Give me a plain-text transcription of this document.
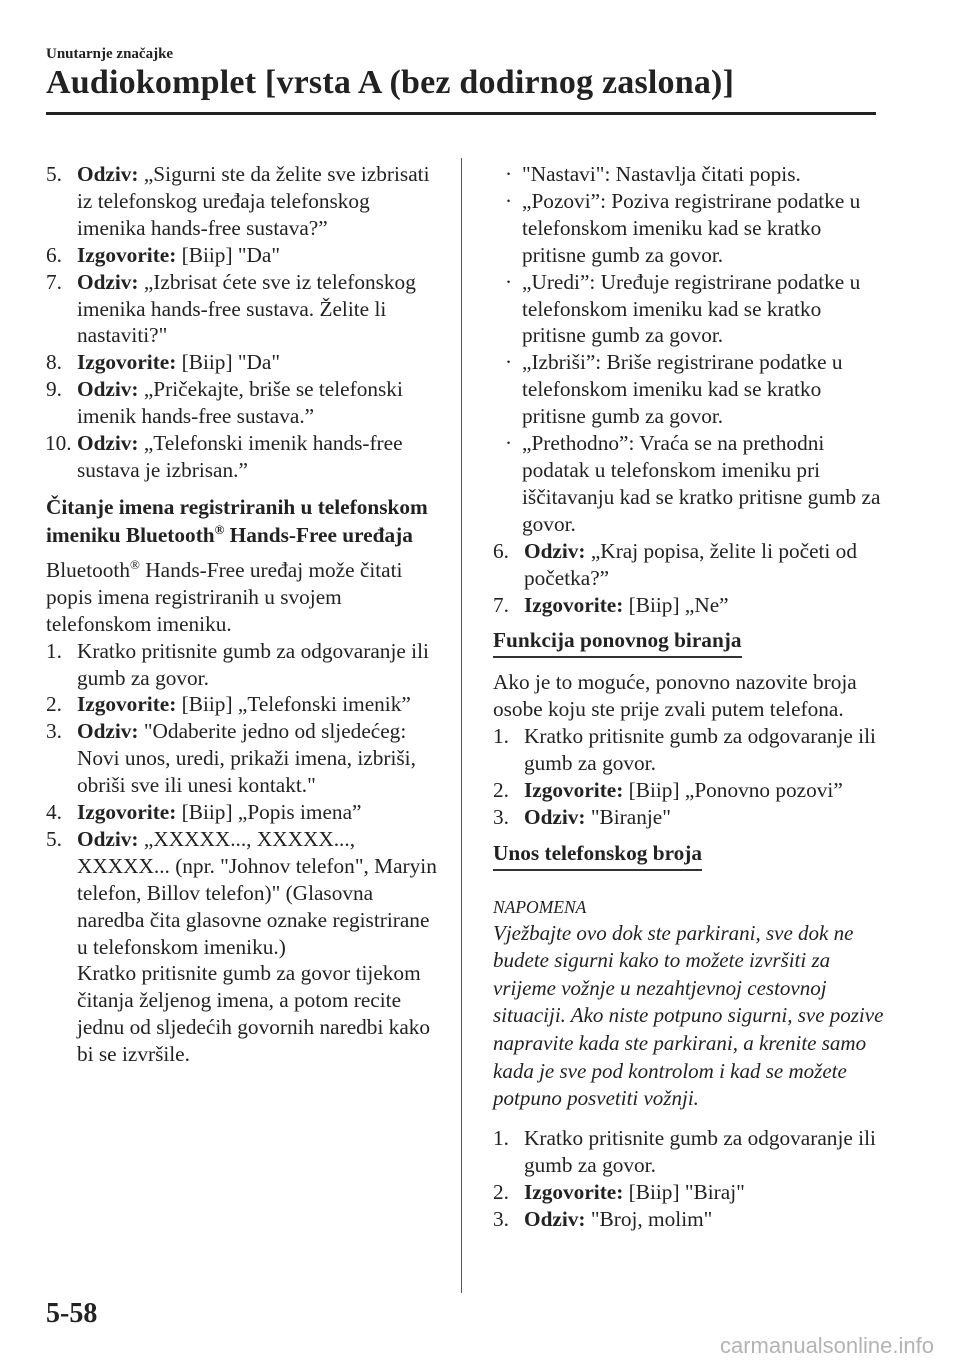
Unutarnje značajke
Audiokomplet [vrsta A (bez dodirnog zaslona)]
5. Odziv: „Sigurni ste da želite sve izbrisati iz telefonskog uređaja telefonskog imenika hands-free sustava?”
6. Izgovorite: [Biip] "Da"
7. Odziv: „Izbrisat ćete sve iz telefonskog imenika hands-free sustava. Želite li nastaviti?"
8. Izgovorite: [Biip] "Da"
9. Odziv: „Pričekajte, briše se telefonski imenik hands-free sustava.”
10. Odziv: „Telefonski imenik hands-free sustava je izbrisan.”
Čitanje imena registriranih u telefonskom imeniku Bluetooth® Hands-Free uređaja

Bluetooth® Hands-Free uređaj može čitati popis imena registriranih u svojem telefonskom imeniku.

1. Kratko pritisnite gumb za odgovaranje ili gumb za govor.
2. Izgovorite: [Biip] „Telefonski imenik”
3. Odziv: "Odaberite jedno od sljedećeg: Novi unos, uredi, prikaži imena, izbriši, obriši sve ili unesi kontakt."
4. Izgovorite: [Biip] „Popis imena”
5. Odziv: „XXXXX..., XXXXX..., XXXXX... (npr. "Johnov telefon", Maryin telefon, Billov telefon)" (Glasovna naredba čita glasovne oznake registrirane u telefonskom imeniku.)
Kratko pritisnite gumb za govor tijekom čitanja željenog imena, a potom recite jednu od sljedećih govornih naredbi kako bi se izvršile.
· "Nastavi": Nastavlja čitati popis.
· „Pozovi”: Poziva registrirane podatke u telefonskom imeniku kad se kratko pritisne gumb za govor.
· „Uredi”: Uređuje registrirane podatke u telefonskom imeniku kad se kratko pritisne gumb za govor.
· „Izbriši”: Briše registrirane podatke u telefonskom imeniku kad se kratko pritisne gumb za govor.
· „Prethodno”: Vraća se na prethodni podatak u telefonskom imeniku pri iščitavanju kad se kratko pritisne gumb za govor.
6. Odziv: „Kraj popisa, želite li početi od početka?”
7. Izgovorite: [Biip] „Ne”
Funkcija ponovnog biranja

Ako je to moguće, ponovno nazovite broja osobe koju ste prije zvali putem telefona.

1. Kratko pritisnite gumb za odgovaranje ili gumb za govor.
2. Izgovorite: [Biip] „Ponovno pozovi”
3. Odziv: "Biranje"
Unos telefonskog broja
NAPOMENA

Vježbajte ovo dok ste parkirani, sve dok ne budete sigurni kako to možete izvršiti za vrijeme vožnje u nezahtjevnoj cestovnoj situaciji. Ako niste potpuno sigurni, sve pozive napravite kada ste parkirani, a krenite samo kada je sve pod kontrolom i kad se možete potpuno posvetiti vožnji.

1. Kratko pritisnite gumb za odgovaranje ili gumb za govor.
2. Izgovorite: [Biip] "Biraj"
3. Odziv: "Broj, molim"
5-58
carmanualsonline.info
